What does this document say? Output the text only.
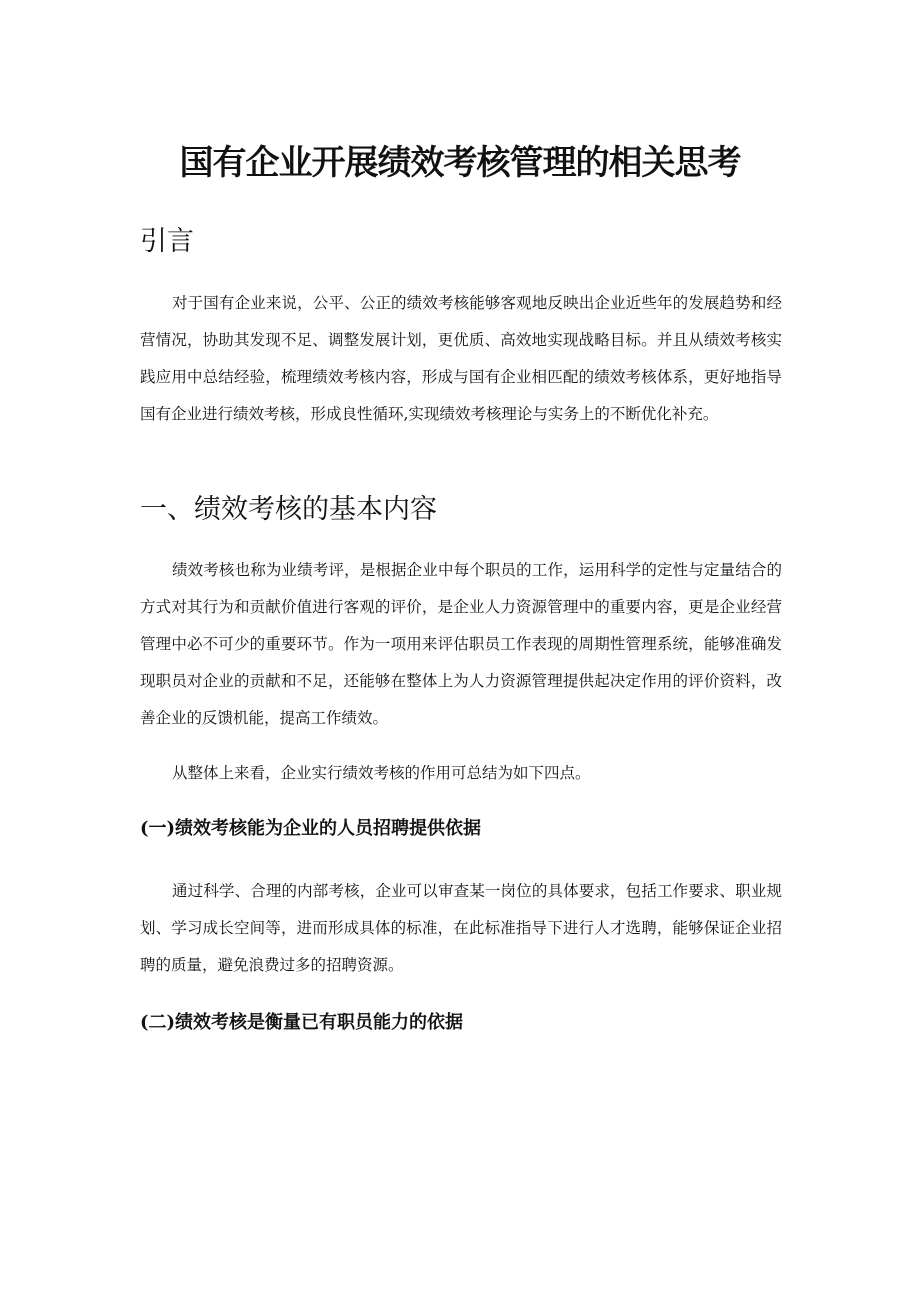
国有企业开展绩效考核管理的相关思考
引言

对于国有企业来说，公平、公正的绩效考核能够客观地反映出企业近些年的发展趋势和经营情况，协助其发现不足、调整发展计划，更优质、高效地实现战略目标。并且从绩效考核实践应用中总结经验，梳理绩效考核内容，形成与国有企业相匹配的绩效考核体系，更好地指导国有企业进行绩效考核，形成良性循环,实现绩效考核理论与实务上的不断优化补充。

一、绩效考核的基本内容

绩效考核也称为业绩考评，是根据企业中每个职员的工作，运用科学的定性与定量结合的方式对其行为和贡献价值进行客观的评价，是企业人力资源管理中的重要内容，更是企业经营管理中必不可少的重要环节。作为一项用来评估职员工作表现的周期性管理系统，能够准确发现职员对企业的贡献和不足，还能够在整体上为人力资源管理提供起决定作用的评价资料，改善企业的反馈机能，提高工作绩效。

从整体上来看，企业实行绩效考核的作用可总结为如下四点。

(一)绩效考核能为企业的人员招聘提供依据

通过科学、合理的内部考核，企业可以审查某一岗位的具体要求，包括工作要求、职业规划、学习成长空间等，进而形成具体的标准，在此标准指导下进行人才选聘，能够保证企业招聘的质量，避免浪费过多的招聘资源。

(二)绩效考核是衡量已有职员能力的依据
